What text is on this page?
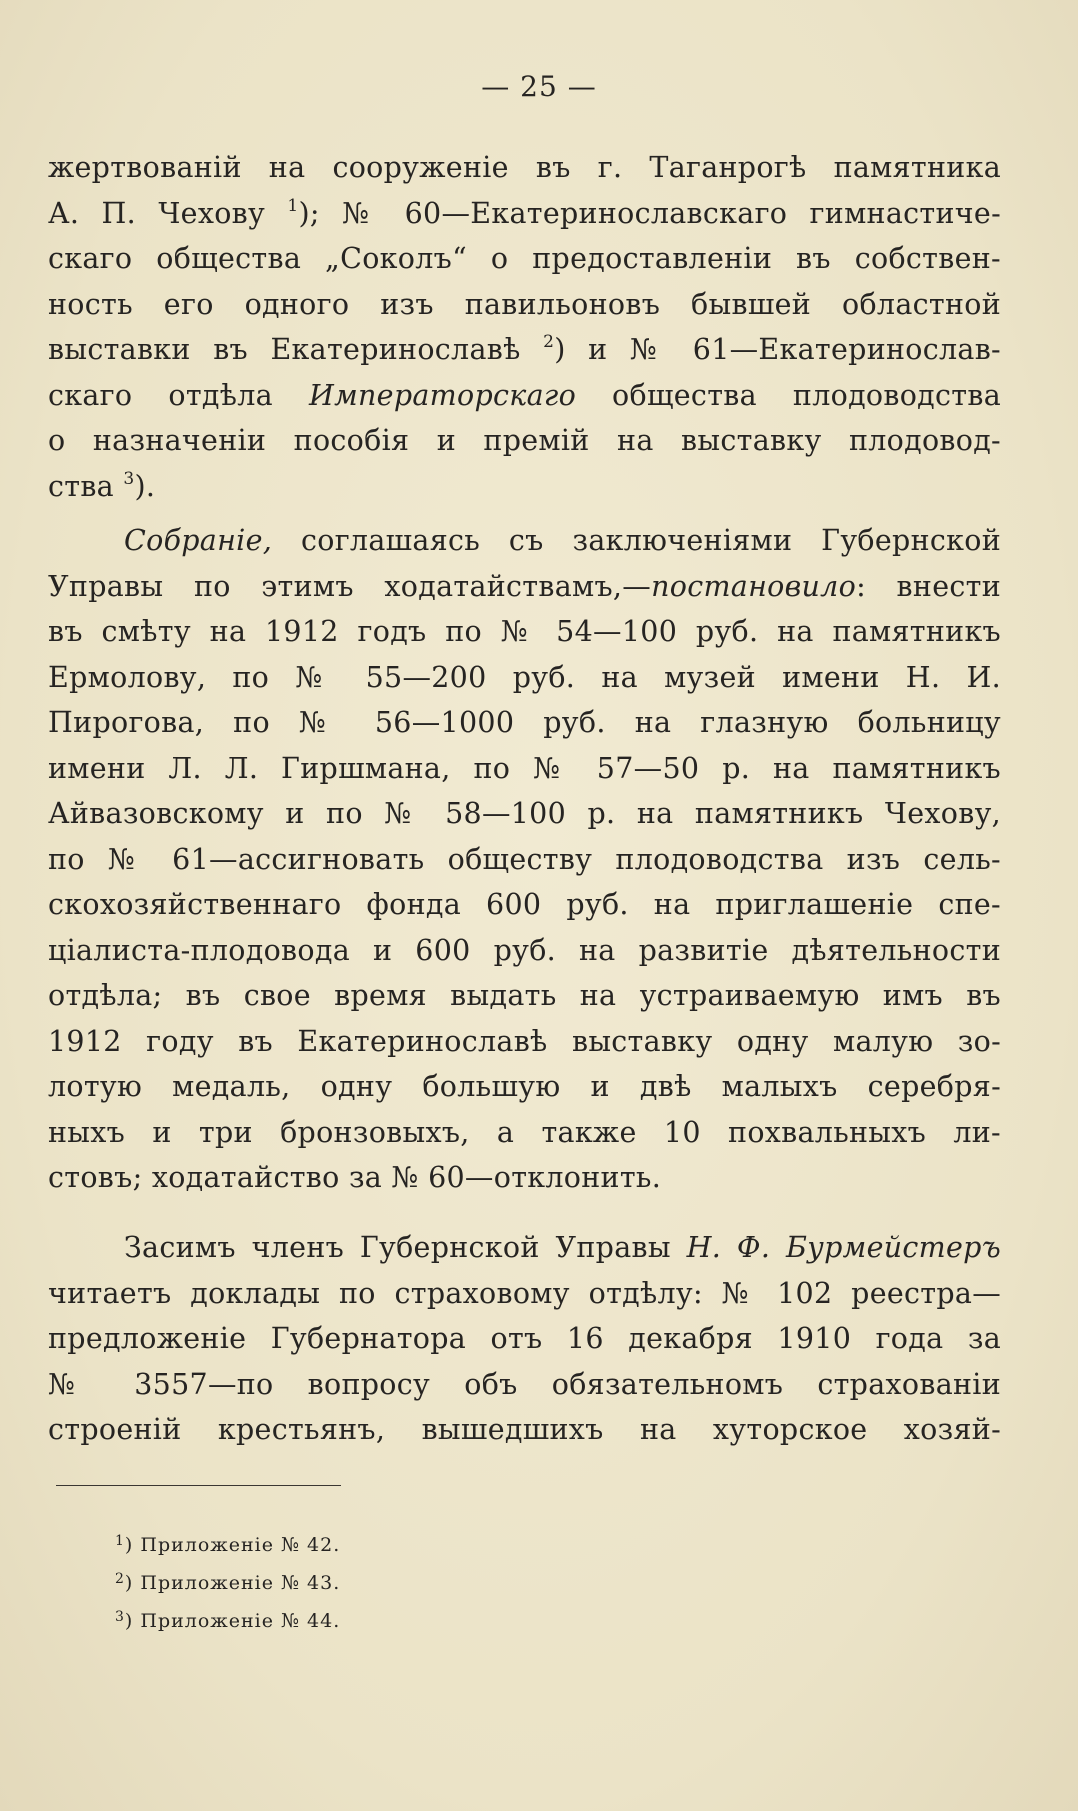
— 25 —
жертвованій на сооруженіе въ г. Таганрогѣ памятника
А. П. Чехову $^1$); № 60—Екатеринославскаго гимнастиче-
скаго общества „Соколъ“ о предоставленіи въ собствен-
ность его одного изъ павильоновъ бывшей областной
выставки въ Екатеринославѣ $^2$) и № 61—Екатеринослав-
скаго отдѣла Императорскаго общества плодоводства
о назначеніи пособія и премій на выставку плодовод-
ства $^3$).
Собраніе, соглашаясь съ заключеніями Губернской
Управы по этимъ ходатайствамъ,—постановило: внести
въ смѣту на 1912 годъ по № 54—100 руб. на памятникъ
Ермолову, по № 55—200 руб. на музей имени Н. И.
Пирогова, по № 56—1000 руб. на глазную больницу
имени Л. Л. Гиршмана, по № 57—50 р. на памятникъ
Айвазовскому и по № 58—100 р. на памятникъ Чехову,
по № 61—ассигновать обществу плодоводства изъ сель-
скохозяйственнаго фонда 600 руб. на приглашеніе спе-
ціалиста-плодовода и 600 руб. на развитіе дѣятельности
отдѣла; въ свое время выдать на устраиваемую имъ въ
1912 году въ Екатеринославѣ выставку одну малую зо-
лотую медаль, одну большую и двѣ малыхъ серебря-
ныхъ и три бронзовыхъ, а также 10 похвальныхъ ли-
стовъ; ходатайство за № 60—отклонить.
Засимъ членъ Губернской Управы Н. Ф. Бурмейстеръ
читаетъ доклады по страховому отдѣлу: № 102 реестра—
предложеніе Губернатора отъ 16 декабря 1910 года за
№ 3557—по вопросу объ обязательномъ страхованіи
строеній крестьянъ, вышедшихъ на хуторское хозяй-
$^1$) Приложеніе № 42.
$^2$) Приложеніе № 43.
$^3$) Приложеніе № 44.
